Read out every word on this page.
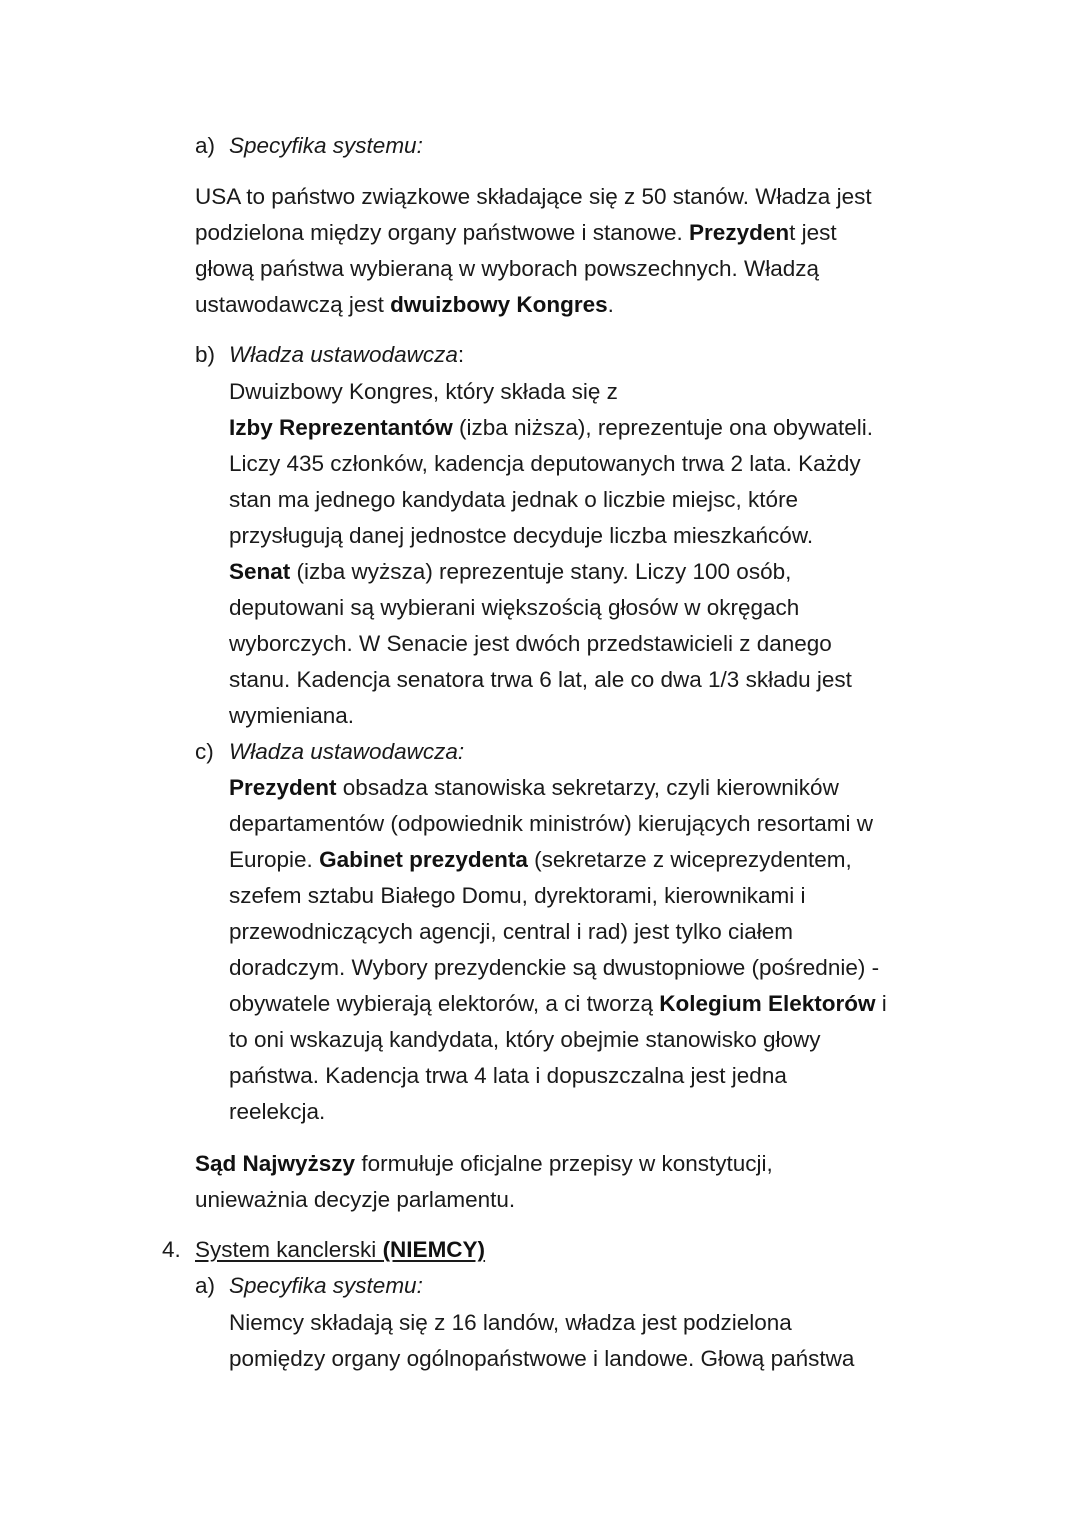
a) Specyfika systemu:

USA to państwo związkowe składające się z 50 stanów. Władza jest

podzielona między organy państwowe i stanowe. Prezydent jest

głową państwa wybieraną w wyborach powszechnych. Władzą

ustawodawczą jest dwuizbowy Kongres.

b) Władza ustawodawcza:

Dwuizbowy Kongres, który składa się z

Izby Reprezentantów (izba niższa), reprezentuje ona obywateli.

Liczy 435 członków, kadencja deputowanych trwa 2 lata. Każdy

stan ma jednego kandydata jednak o liczbie miejsc, które

przysługują danej jednostce decyduje liczba mieszkańców.

Senat (izba wyższa) reprezentuje stany. Liczy 100 osób,

deputowani są wybierani większością głosów w okręgach

wyborczych. W Senacie jest dwóch przedstawicieli z danego

stanu. Kadencja senatora trwa 6 lat, ale co dwa 1/3 składu jest

wymieniana.

c) Władza ustawodawcza:

Prezydent obsadza stanowiska sekretarzy, czyli kierowników

departamentów (odpowiednik ministrów) kierujących resortami w

Europie. Gabinet prezydenta (sekretarze z wiceprezydentem,

szefem sztabu Białego Domu, dyrektorami, kierownikami i

przewodniczących agencji, central i rad) jest tylko ciałem

doradczym. Wybory prezydenckie są dwustopniowe (pośrednie) -

obywatele wybierają elektorów, a ci tworzą Kolegium Elektorów i

to oni wskazują kandydata, który obejmie stanowisko głowy

państwa. Kadencja trwa 4 lata i dopuszczalna jest jedna

reelekcja.

Sąd Najwyższy formułuje oficjalne przepisy w konstytucji,

unieważnia decyzje parlamentu.

4. System kanclerski (NIEMCY)
a) Specyfika systemu:

Niemcy składają się z 16 landów, władza jest podzielona

pomiędzy organy ogólnopaństwowe i landowe. Głową państwa
